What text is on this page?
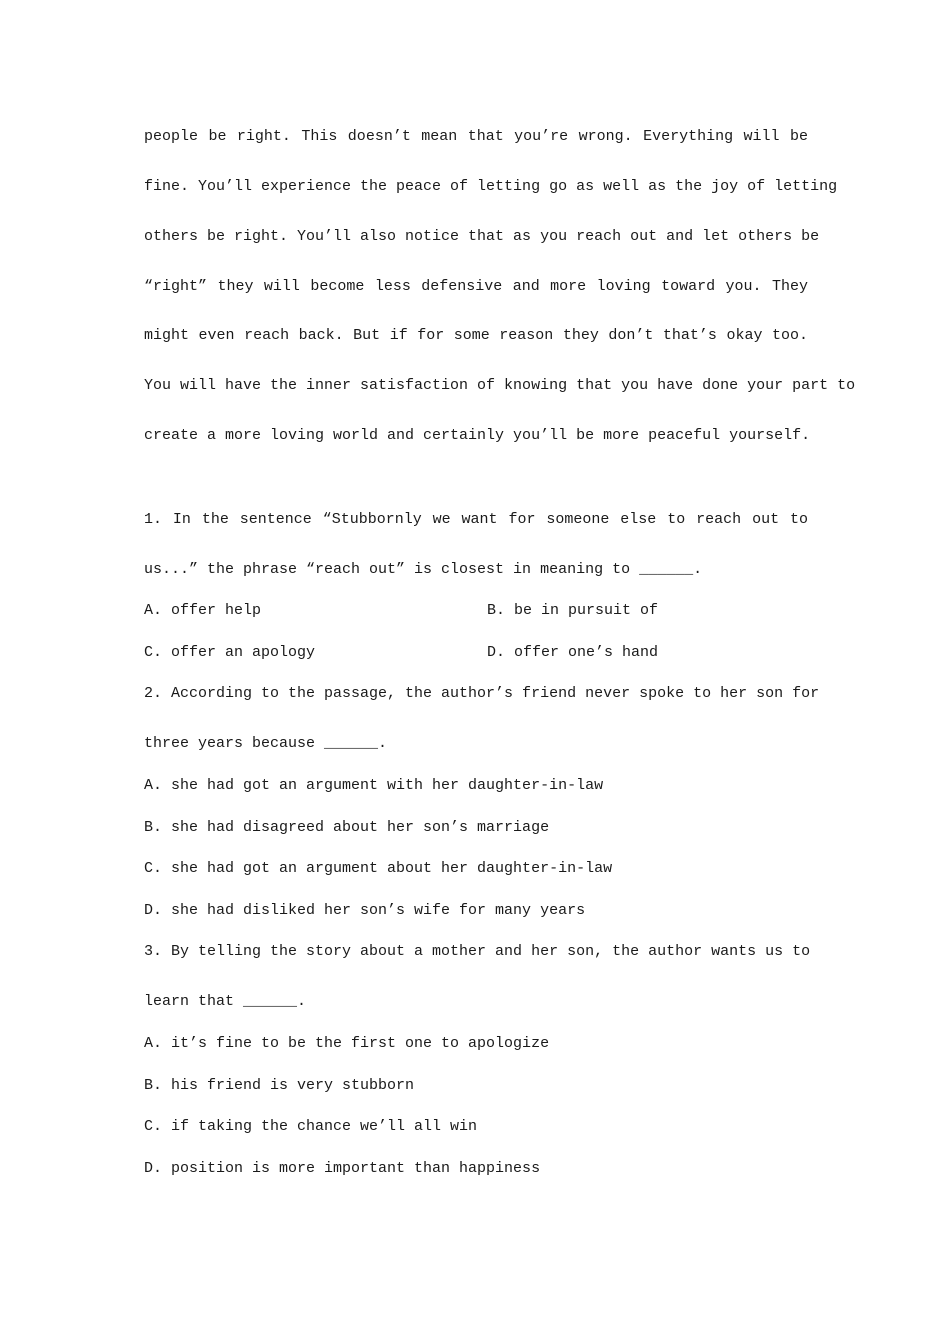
people be right. This doesn’t mean that you’re wrong. Everything will be
fine. You’ll experience the peace of letting go as well as the joy of letting
others be right. You’ll also notice that as you reach out and let others be
“right” they will become less defensive and more loving toward you. They
might even reach back. But if for some reason they don’t that’s okay too.
You will have the inner satisfaction of knowing that you have done your part to
create a more loving world and certainly you’ll be more peaceful yourself.
1. In the sentence “Stubbornly we want for someone else to reach out to
us...” the phrase “reach out” is closest in meaning to ______.
A. offer help	B. be in pursuit of
C. offer an apology	D. offer one’s hand
2. According to the passage, the author’s friend never spoke to her son for
three years because ______.
A. she had got an argument with her daughter-in-law
B. she had disagreed about her son’s marriage
C. she had got an argument about her daughter-in-law
D. she had disliked her son’s wife for many years
3. By telling the story about a mother and her son, the author wants us to
learn that ______.
A. it’s fine to be the first one to apologize
B. his friend is very stubborn
C. if taking the chance we’ll all win
D. position is more important than happiness
